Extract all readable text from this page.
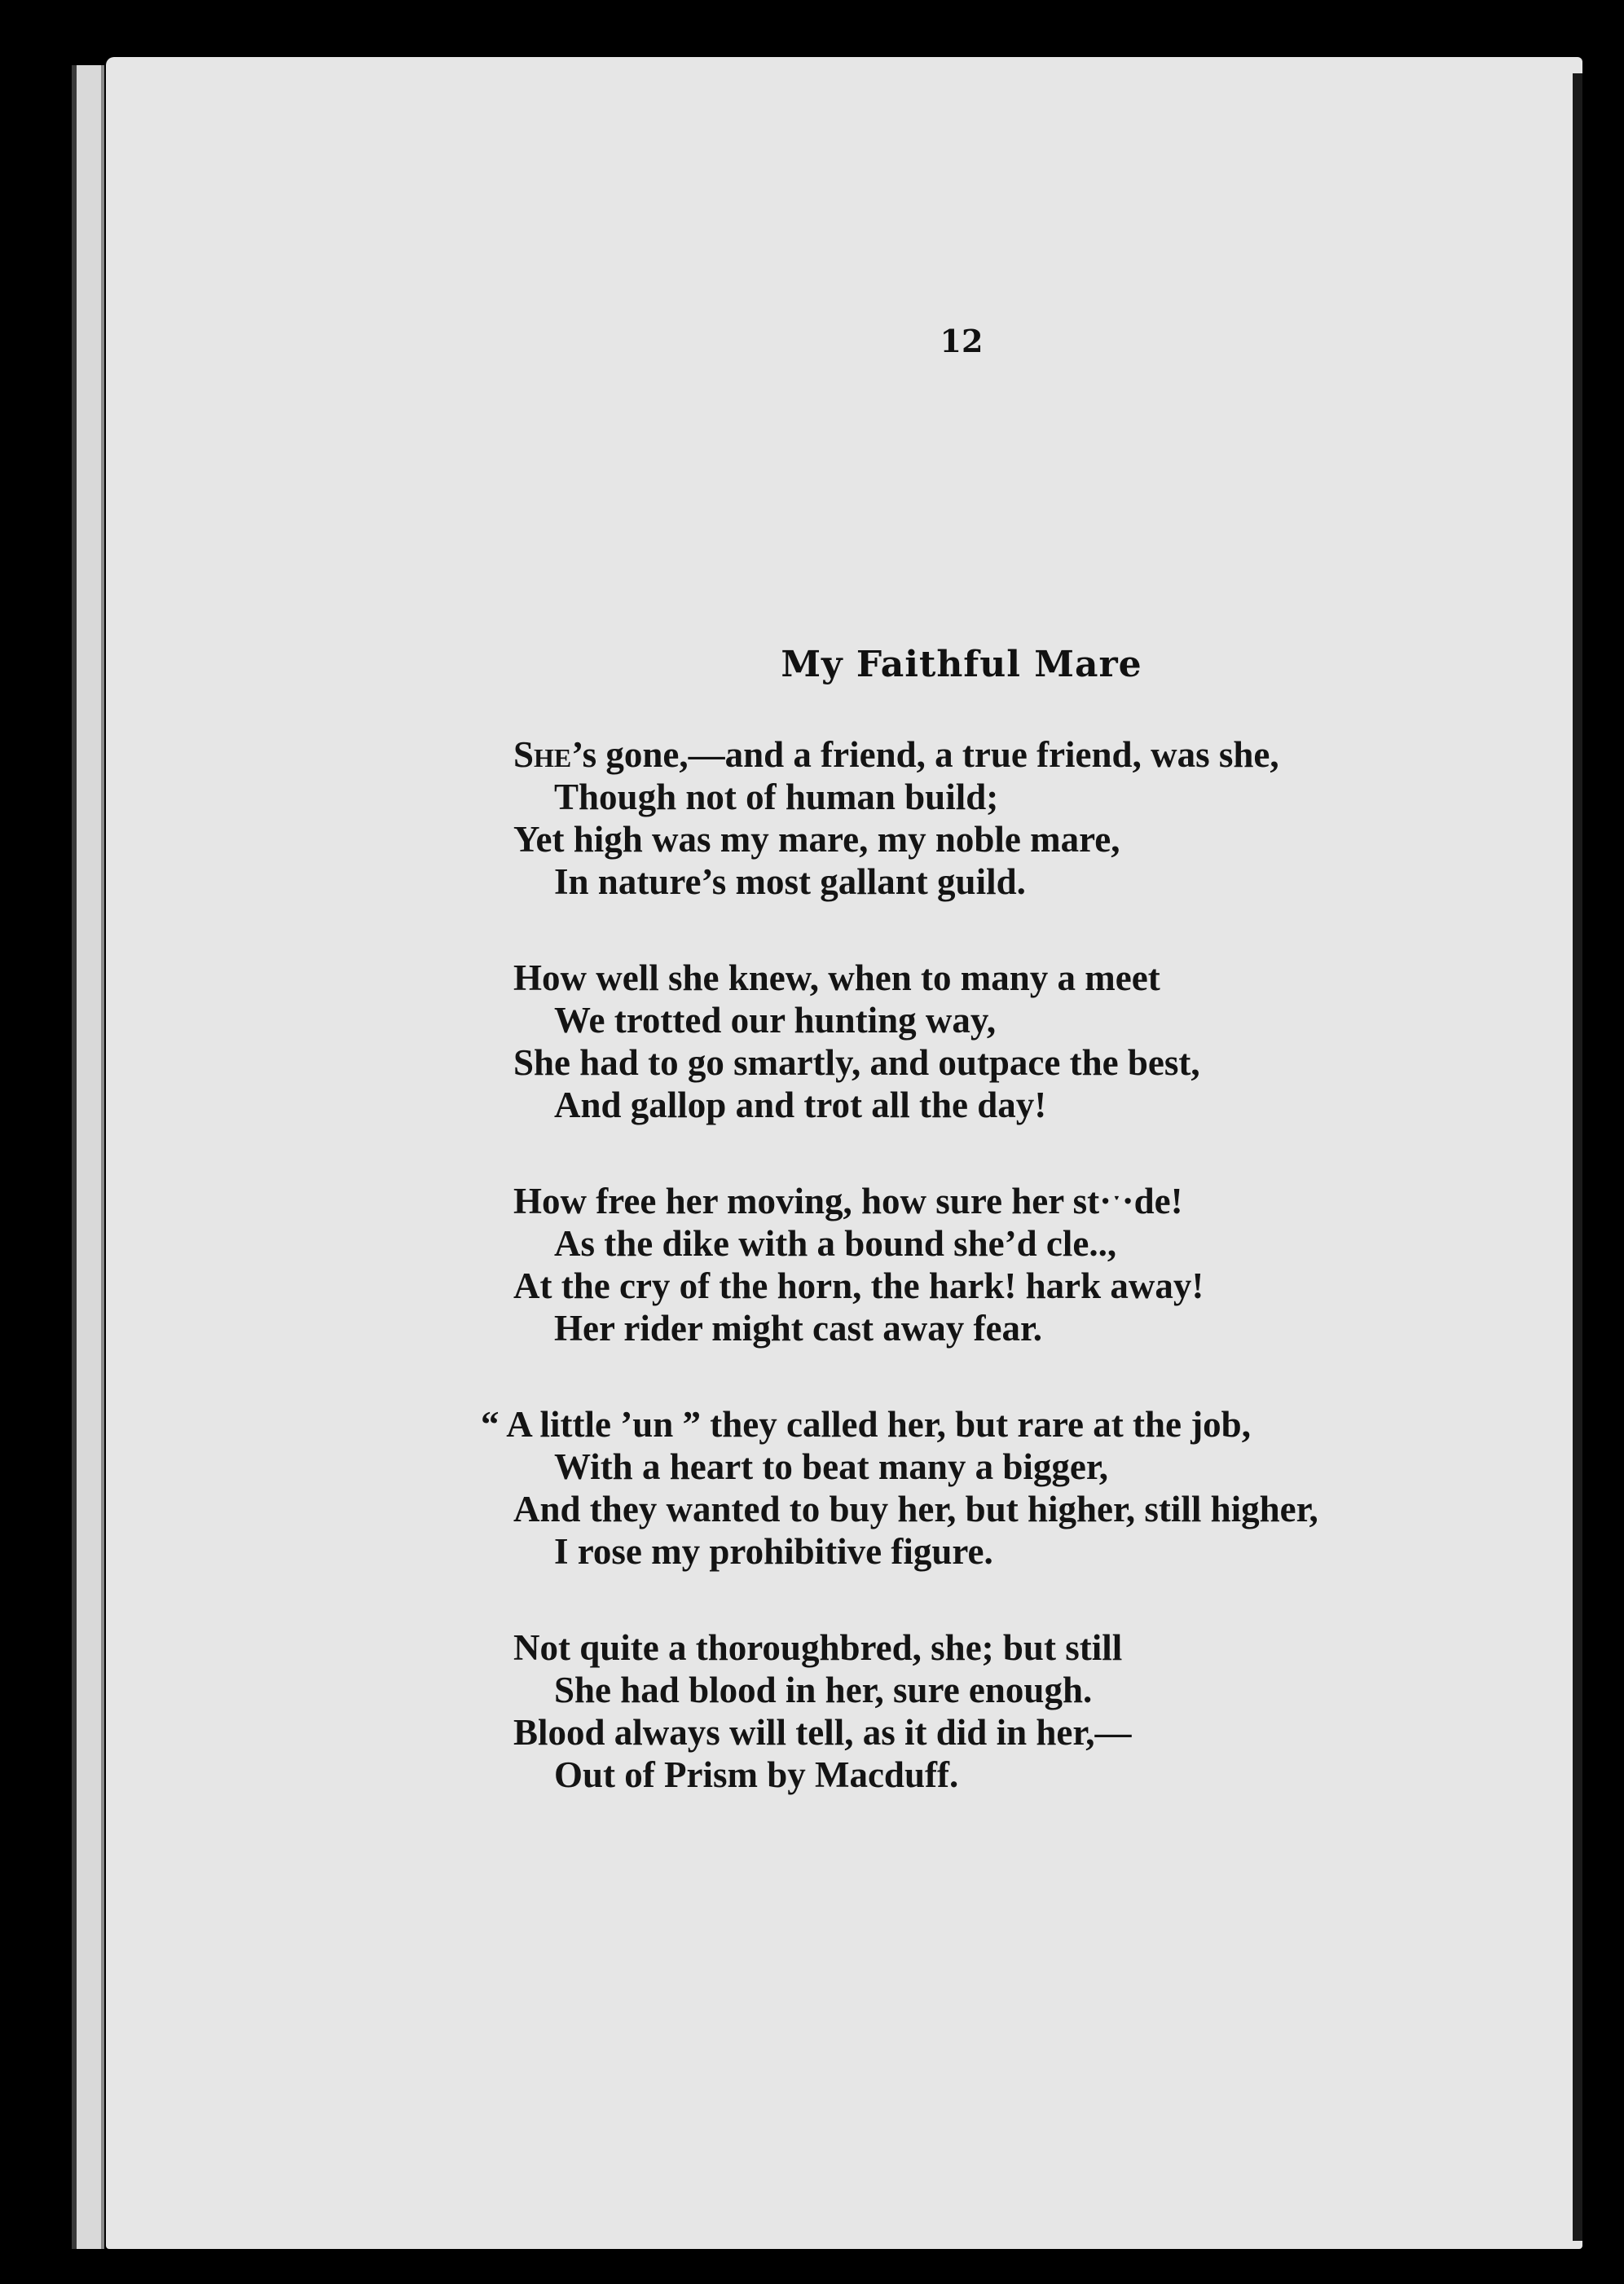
12
My Faithful Mare
She’s gone,—and a friend, a true friend, was she,
Though not of human build;
Yet high was my mare, my noble mare,
In nature’s most gallant guild.
How well she knew, when to many a meet
We trotted our hunting way,
She had to go smartly, and outpace the best,
And gallop and trot all the day!
How free her moving, how sure her st·ˑ·de!
As the dike with a bound she’d cle..,
At the cry of the horn, the hark! hark away!
Her rider might cast away fear.
“ A little ’un ” they called her, but rare at the job,
With a heart to beat many a bigger,
And they wanted to buy her, but higher, still higher,
I rose my prohibitive figure.
Not quite a thoroughbred, she; but still
She had blood in her, sure enough.
Blood always will tell, as it did in her,—
Out of Prism by Macduff.
